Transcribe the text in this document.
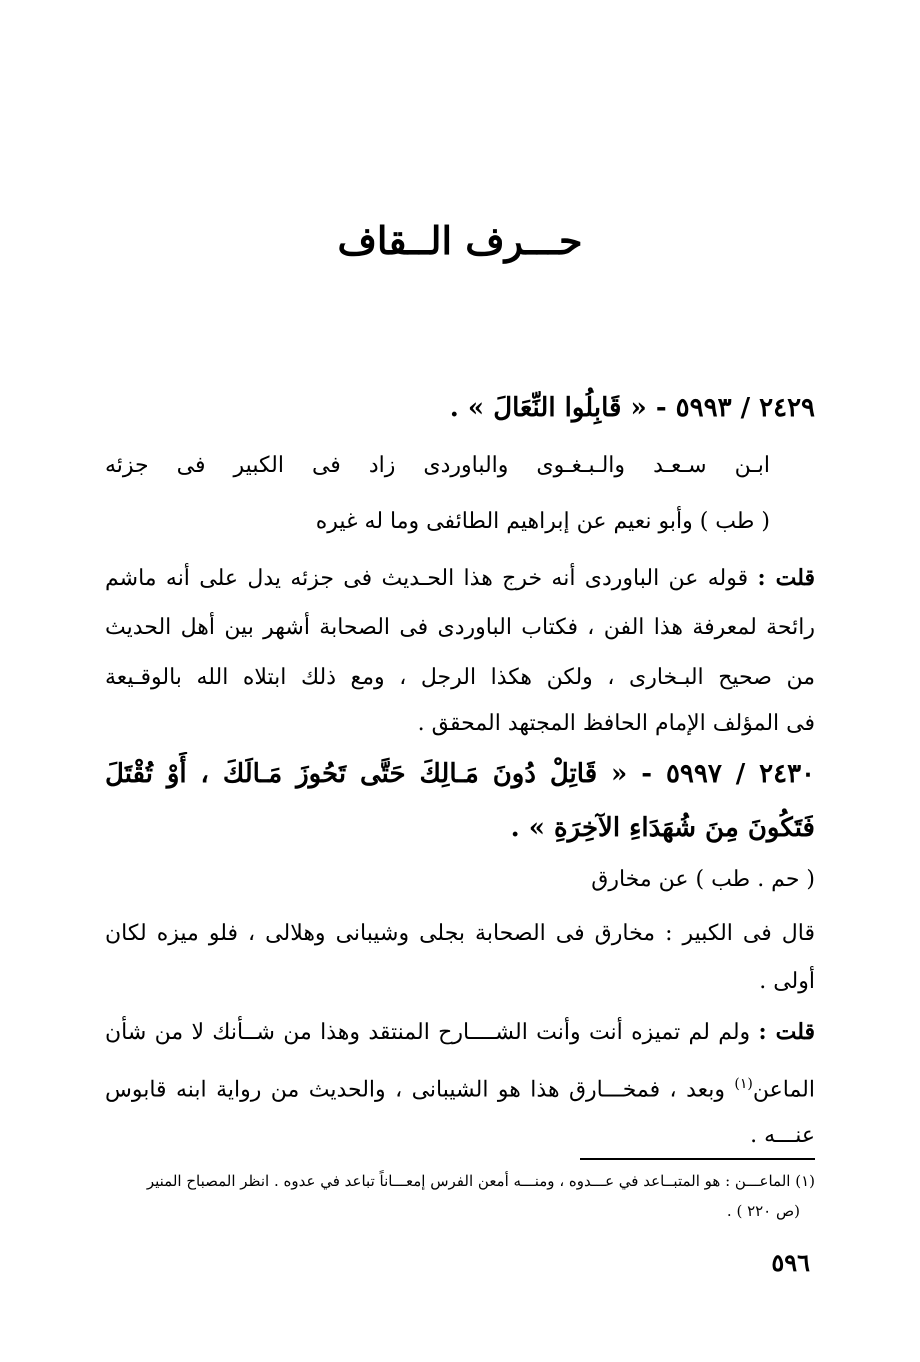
حـــرف الــقاف
٢٤٢٩ / ٥٩٩٣ - « قَابِلُوا النِّعَالَ » .
ابـن سـعـد والـبـغـوى والباوردى زاد فى الكبير فى جزئه
( طب ) وأبو نعيم عن إبراهيم الطائفى وما له غيره
قلت : قوله عن الباوردى أنه خرج هذا الحـديث فى جزئه يدل على أنه ماشم
رائحة لمعرفة هذا الفن ، فكتاب الباوردى فى الصحابة أشهر بين أهل الحديث
من صحيح البـخارى ، ولكن هكذا الرجل ، ومع ذلك ابتلاه الله بالوقـيعة
فى المؤلف الإمام الحافظ المجتهد المحقق .
٢٤٣٠ / ٥٩٩٧ - « قَاتِلْ دُونَ مَـالِكَ حَتَّى تَحُوزَ مَـالَكَ ، أَوْ تُقْتَلَ
فَتَكُونَ مِنَ شُهَدَاءِ الآخِرَةِ » .
( حم . طب ) عن مخارق
قال فى الكبير : مخارق فى الصحابة بجلى وشيبانى وهلالى ، فلو ميزه لكان
أولى .
قلت : ولم لم تميزه أنت وأنت الشــــارح المنتقد وهذا من شــأنك لا من شأن
الماعن$^{(١)}$ وبعد ، فمخـــارق هذا هو الشيبانى ، والحديث من رواية ابنه قابوس
عنـــه .
(١) الماعـــن : هو المتبــاعد في عـــدوه ، ومنـــه أمعن الفرس إمعـــاناً تباعد في عدوه . انظر المصباح المنير
(ص ٢٢٠ ) .
٥٩٦
